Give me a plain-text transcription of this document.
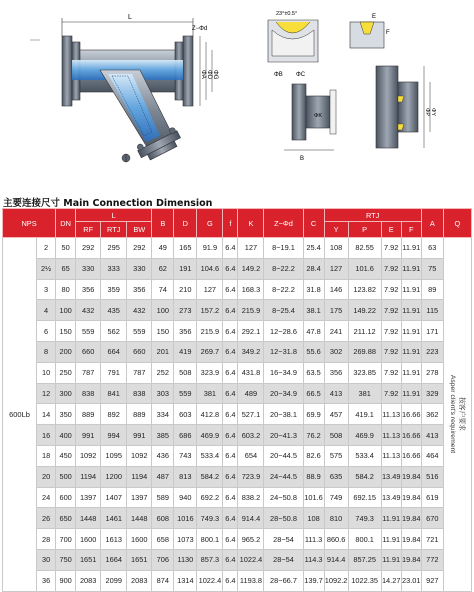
L
Z−Φd
ΦA ΦD ΦG
23°±0.5°
ΦB ΦC
E
F
B
ΦK	ΦP ΦY
主要连接尺寸 Main Connection Dimension
NPS		DN	L			B	D	G	f	K	Z−Φd	C	RTJ				A	Q
			RF	RTJ	BW								Y	P	E	F		

600Lb	2	50	292	295	292	49	165	91.9	6.4	127	8−19.1	25.4	108	82.55	7.92	11.91	63	按客户要求
Asper client's requirement

	2½	65	330	333	330	62	191	104.6	6.4	149.2	8−22.2	28.4	127	101.6	7.92	11.91	75	
	3	80	356	359	356	74	210	127	6.4	168.3	8−22.2	31.8	146	123.82	7.92	11.91	89	
	4	100	432	435	432	100	273	157.2	6.4	215.9	8−25.4	38.1	175	149.22	7.92	11.91	115	
	6	150	559	562	559	150	356	215.9	6.4	292.1	12−28.6	47.8	241	211.12	7.92	11.91	171	
	8	200	660	664	660	201	419	269.7	6.4	349.2	12−31.8	55.6	302	269.88	7.92	11.91	223	
	10	250	787	791	787	252	508	323.9	6.4	431.8	16−34.9	63.5	356	323.85	7.92	11.91	278	
	12	300	838	841	838	303	559	381	6.4	489	20−34.9	66.5	413	381	7.92	11.91	329	
	14	350	889	892	889	334	603	412.8	6.4	527.1	20−38.1	69.9	457	419.1	11.13	16.66	362	
	16	400	991	994	991	385	686	469.9	6.4	603.2	20−41.3	76.2	508	469.9	11.13	16.66	413	
	18	450	1092	1095	1092	436	743	533.4	6.4	654	20−44.5	82.6	575	533.4	11.13	16.66	464	
	20	500	1194	1200	1194	487	813	584.2	6.4	723.9	24−44.5	88.9	635	584.2	13.49	19.84	516	
	24	600	1397	1407	1397	589	940	692.2	6.4	838.2	24−50.8	101.6	749	692.15	13.49	19.84	619	
	26	650	1448	1461	1448	608	1016	749.3	6.4	914.4	28−50.8	108	810	749.3	11.91	19.84	670	
	28	700	1600	1613	1600	658	1073	800.1	6.4	965.2	28−54	111.3	860.6	800.1	11.91	19.84	721	
	30	750	1651	1664	1651	706	1130	857.3	6.4	1022.4	28−54	114.3	914.4	857.25	11.91	19.84	772	
	36	900	2083	2099	2083	874	1314	1022.4	6.4	1193.8	28−66.7	139.7	1092.2	1022.35	14.27	23.01	927	
